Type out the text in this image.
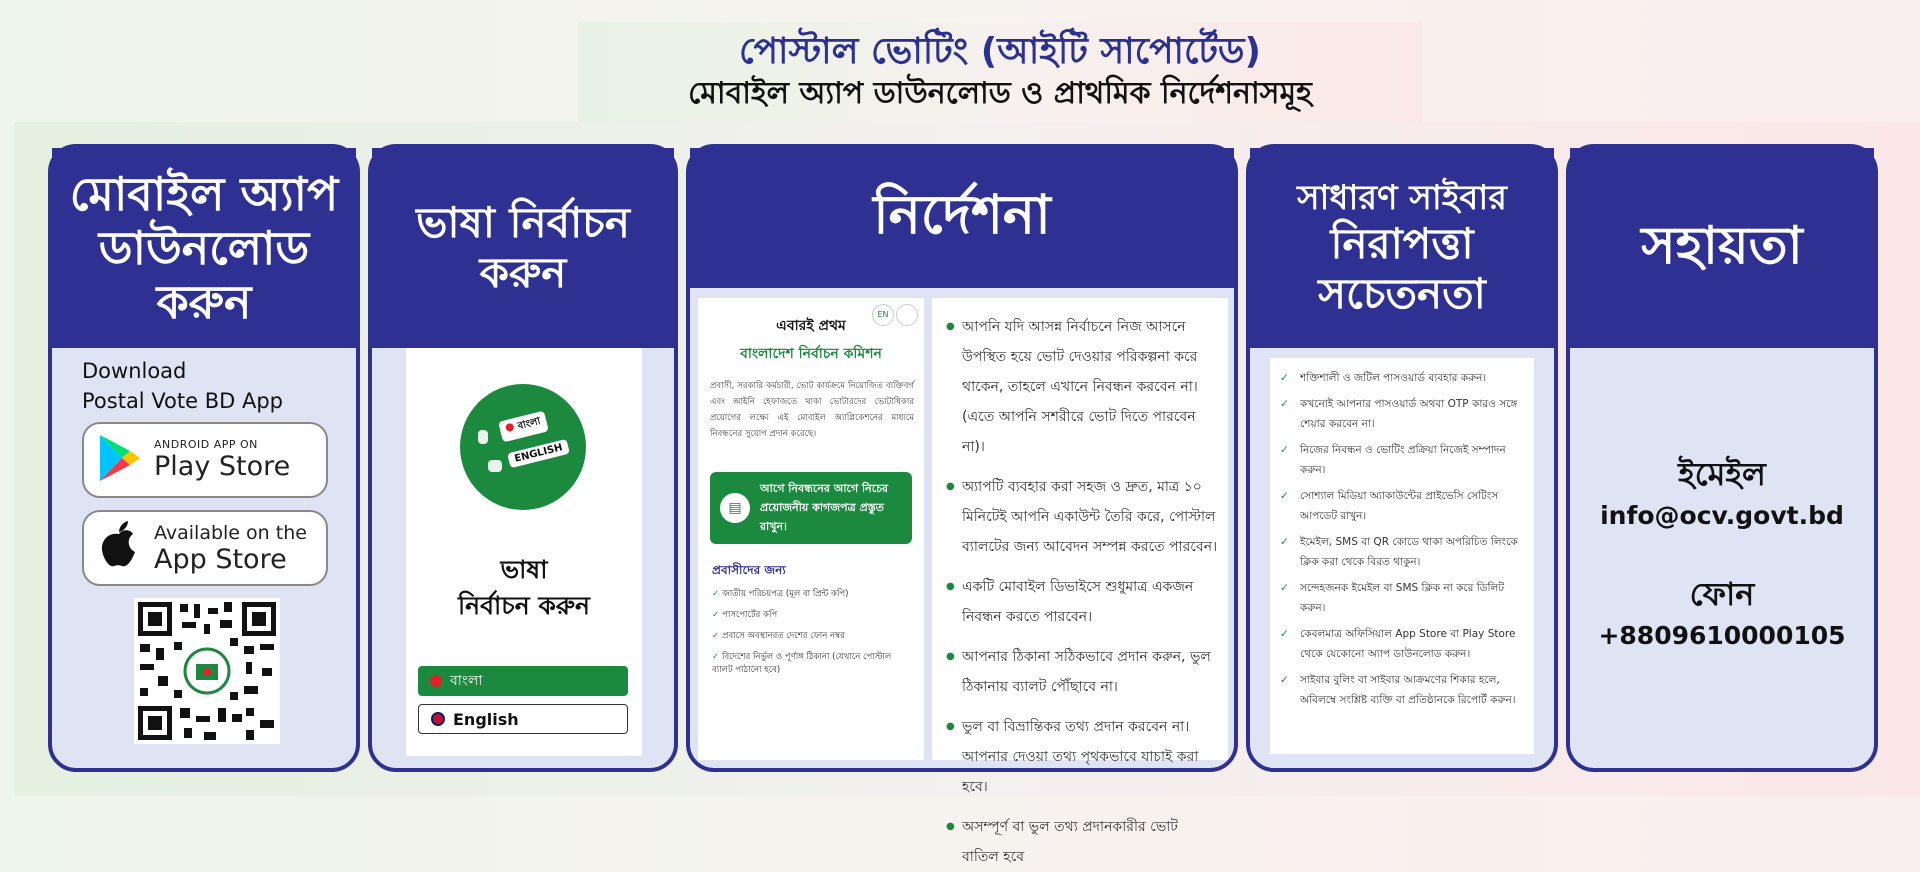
পোস্টাল ভোটিং (আইটি সাপোর্টেড)
মোবাইল অ্যাপ ডাউনলোড ও প্রাথমিক নির্দেশনাসমূহ
মোবাইল অ্যাপ ডাউনলোড করুন
Download
Postal Vote BD App
ANDROID APP ON
Play Store
Available on the
App Store
ভাষা নির্বাচন করুন
বাংলা
ENGLISH
ভাষা
নির্বাচন করুন
বাংলা
English
নির্দেশনা
EN
এবারই প্রথম
বাংলাদেশ নির্বাচন কমিশন
প্রবাসী, সরকারি কর্মচারী, ভোট কার্যক্রমে নিয়োজিত ব্যক্তিবর্গ এবং আইনি হেফাজতে থাকা ভোটারদের ভোটাধিকার প্রয়োগের লক্ষ্যে এই মোবাইল অ্যাপ্লিকেশনের মাধ্যমে নিবন্ধনের সুযোগ প্রদান করেছে।
▤
আগে নিবন্ধনের আগে নিচের প্রয়োজনীয় কাগজপত্র প্রস্তুত রাখুন।
প্রবাসীদের জন্য
✓ জাতীয় পরিচয়পত্র (মূল বা প্রিন্ট কপি)
✓ পাসপোর্টের কপি
✓ প্রবাসে অবস্থানরত দেশের ফোন নম্বর
✓ বিদেশের নির্ভুল ও পূর্ণাঙ্গ ঠিকানা (যেখানে পোস্টাল ব্যালট পাঠানো হবে)
● আপনি যদি আসন্ন নির্বাচনে নিজ আসনে উপস্থিত হয়ে ভোট দেওয়ার পরিকল্পনা করে থাকেন, তাহলে এখানে নিবন্ধন করবেন না। (এতে আপনি সশরীরে ভোট দিতে পারবেন না)।
● অ্যাপটি ব্যবহার করা সহজ ও দ্রুত, মাত্র ১০ মিনিটেই আপনি একাউন্ট তৈরি করে, পোস্টাল ব্যালটের জন্য আবেদন সম্পন্ন করতে পারবেন।
● একটি মোবাইল ডিভাইসে শুধুমাত্র একজন নিবন্ধন করতে পারবেন।
● আপনার ঠিকানা সঠিকভাবে প্রদান করুন, ভুল ঠিকানায় ব্যালট পৌঁছাবে না।
● ভুল বা বিভ্রান্তিকর তথ্য প্রদান করবেন না। আপনার দেওয়া তথ্য পৃথকভাবে যাচাই করা হবে।
● অসম্পূর্ণ বা ভুল তথ্য প্রদানকারীর ভোট বাতিল হবে
সাধারণ সাইবার
নিরাপত্তা সচেতনতা
✓ শক্তিশালী ও জটিল পাসওয়ার্ড ব্যবহার করুন।
✓ কখনোই আপনার পাসওয়ার্ড অথবা OTP কারও সঙ্গে শেয়ার করবেন না।
✓ নিজের নিবন্ধন ও ভোটিং প্রক্রিয়া নিজেই সম্পাদন করুন।
✓ সোশ্যাল মিডিয়া অ্যাকাউন্টের প্রাইভেসি সেটিংস আপডেট রাখুন।
✓ ইমেইল, SMS বা QR কোডে থাকা অপরিচিত লিংকে ক্লিক করা থেকে বিরত থাকুন।
✓ সন্দেহজনক ইমেইল বা SMS ক্লিক না করে ডিলিট করুন।
✓ কেবলমাত্র অফিসিয়াল App Store বা Play Store থেকে যেকোনো অ্যাপ ডাউনলোড করুন।
✓ সাইবার বুলিং বা সাইবার আক্রমণের শিকার হলে, অবিলম্বে সংশ্লিষ্ট ব্যক্তি বা প্রতিষ্ঠানকে রিপোর্ট করুন।
সহায়তা
ইমেইল
info@ocv.govt.bd
ফোন
+8809610000105
